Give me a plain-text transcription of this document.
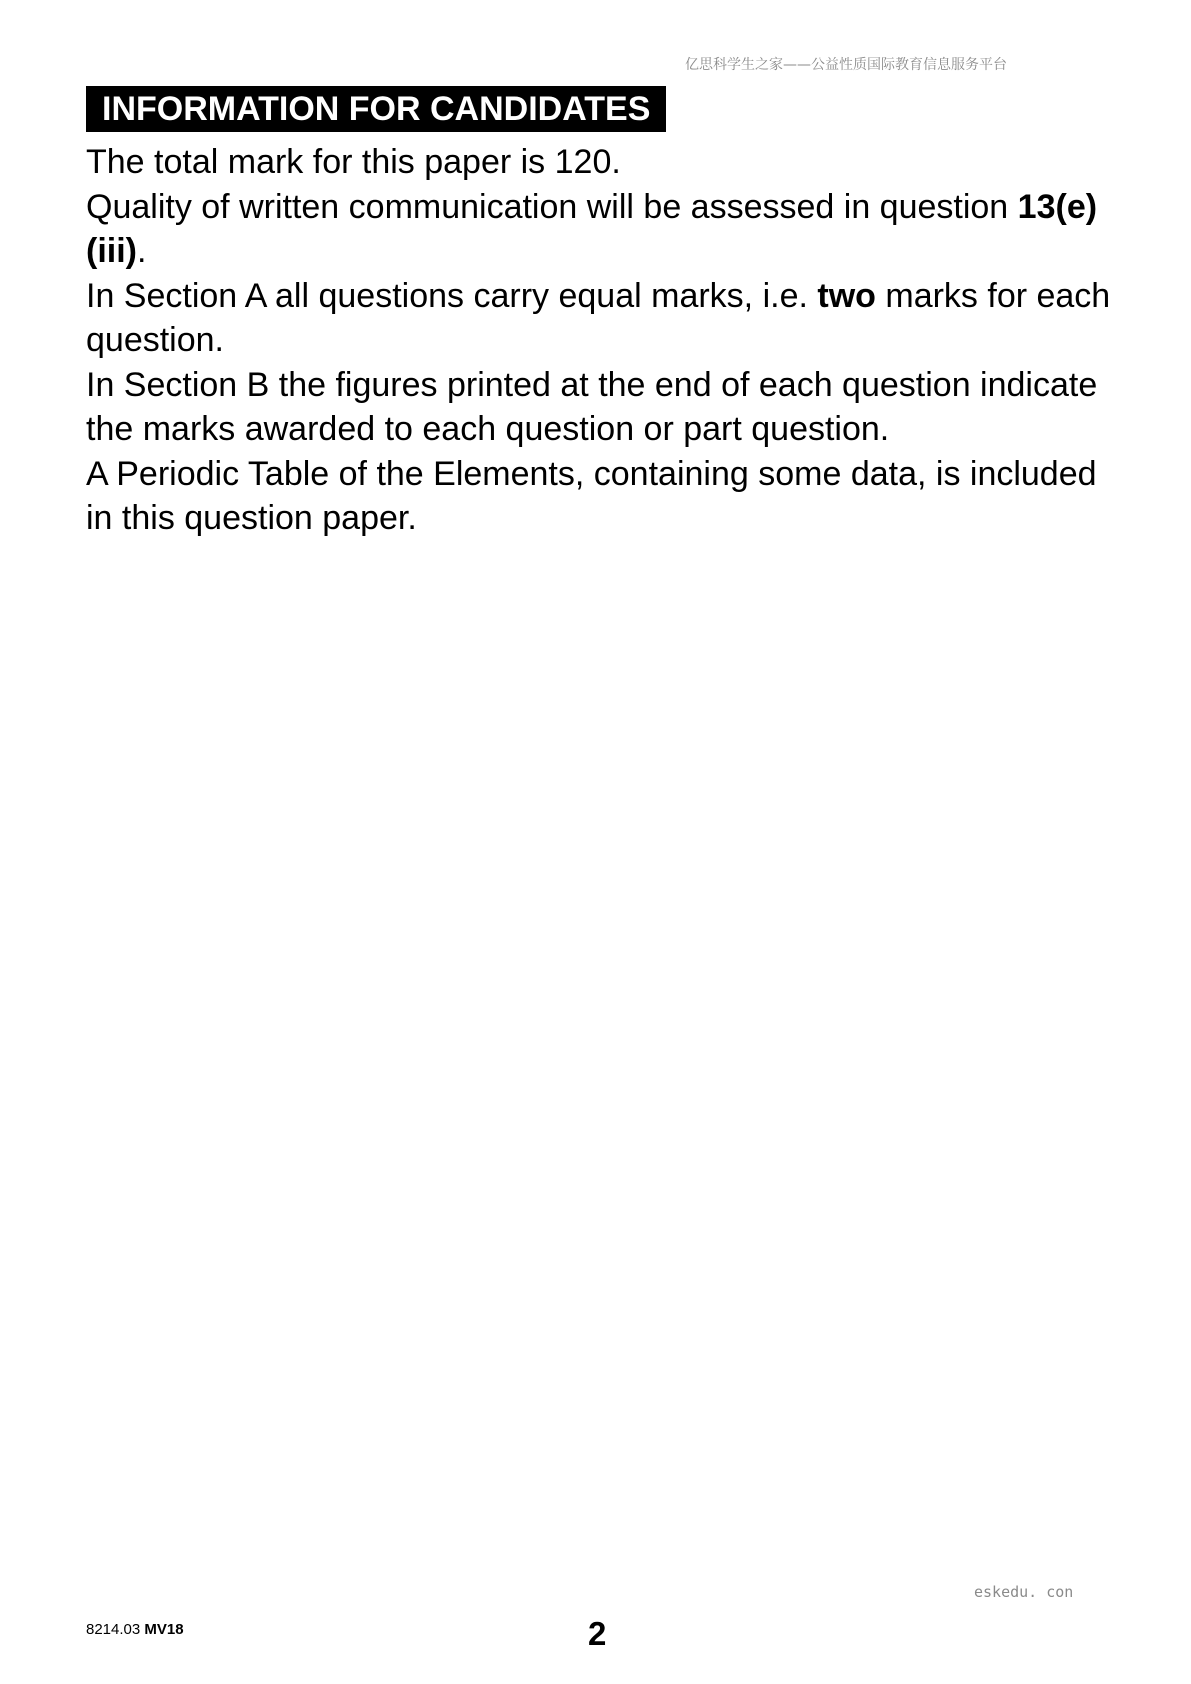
亿思科学生之家——公益性质国际教育信息服务平台
INFORMATION FOR CANDIDATES

The total mark for this paper is 120.

Quality of written communication will be assessed in question 13(e)(iii).

In Section A all questions carry equal marks, i.e. two marks for each question.

In Section B the figures printed at the end of each question indicate the marks awarded to each question or part question.

A Periodic Table of the Elements, containing some data, is included in this question paper.

eskedu. con
8214.03 MV18	2
